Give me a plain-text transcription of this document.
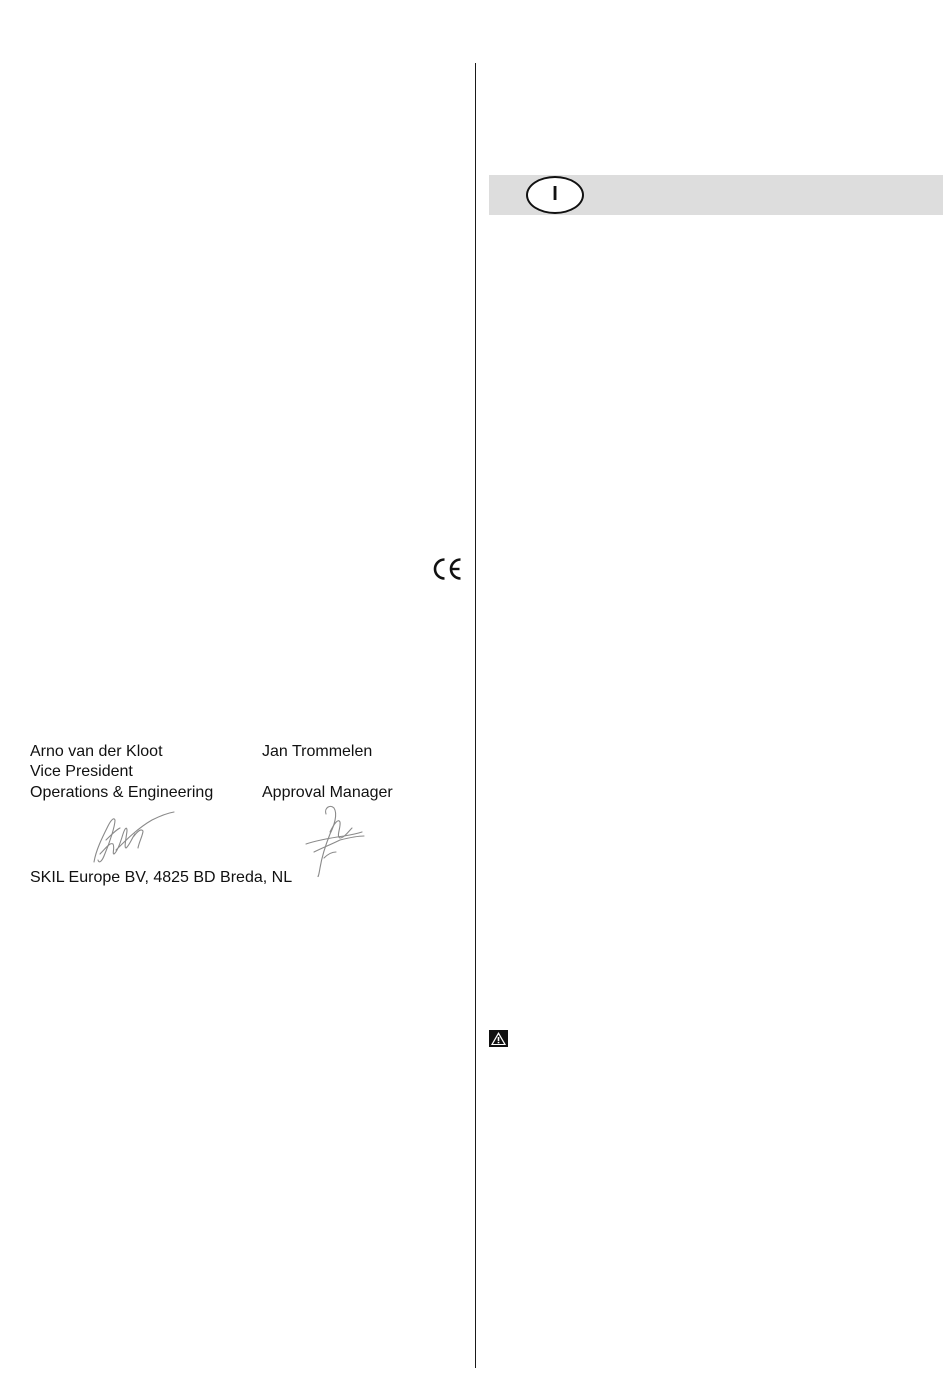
Arno van der Kloot
Vice President
Operations & Engineering
Jan Trommelen
Approval Manager
SKIL Europe BV, 4825 BD Breda, NL
I
